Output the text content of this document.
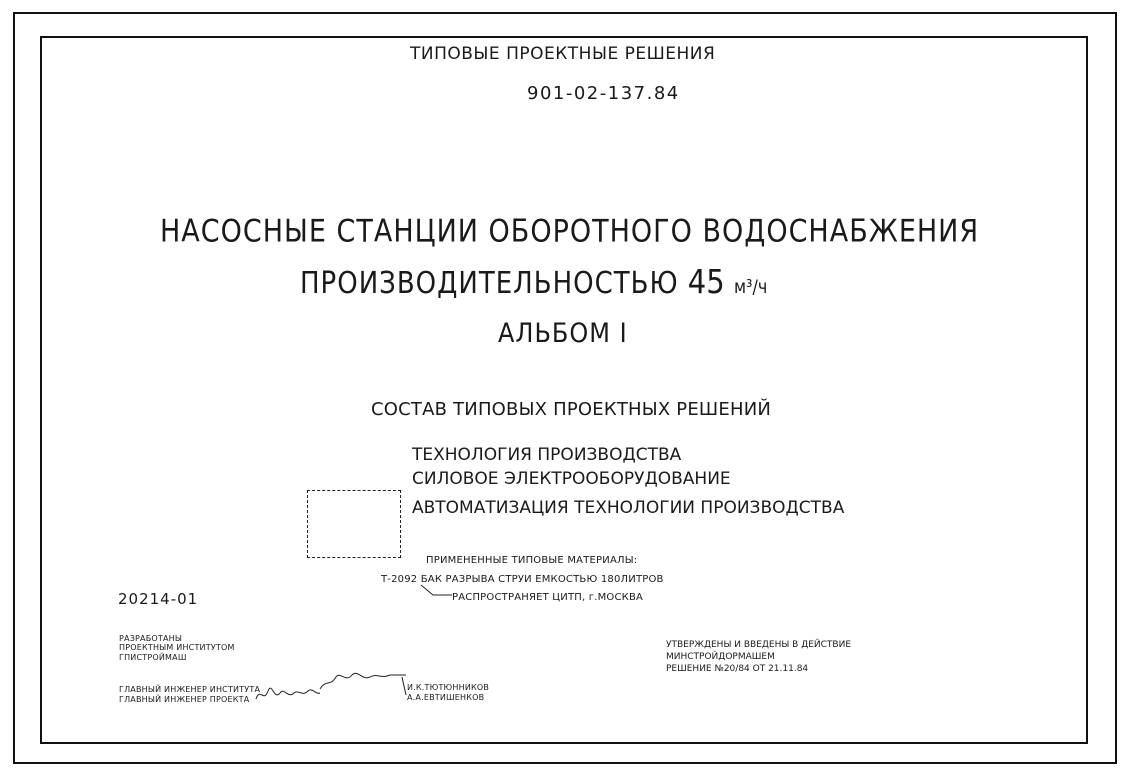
ТИПОВЫЕ ПРОЕКТНЫЕ РЕШЕНИЯ
901-02-137.84
НАСОСНЫЕ СТАНЦИИ ОБОРОТНОГО ВОДОСНАБЖЕНИЯ
ПРОИЗВОДИТЕЛЬНОСТЬЮ 45 м³/ч
АЛЬБОМ I
СОСТАВ ТИПОВЫХ ПРОЕКТНЫХ РЕШЕНИЙ
ТЕХНОЛОГИЯ ПРОИЗВОДСТВА
СИЛОВОЕ ЭЛЕКТРООБОРУДОВАНИЕ
АВТОМАТИЗАЦИЯ ТЕХНОЛОГИИ ПРОИЗВОДСТВА
ПРИМЕНЕННЫЕ ТИПОВЫЕ МАТЕРИАЛЫ:
Т-2092 БАК РАЗРЫВА СТРУИ ЕМКОСТЬЮ 180ЛИТРОВ
РАСПРОСТРАНЯЕТ ЦИТП, г.МОСКВА
20214-01
РАЗРАБОТАНЫ
ПРОЕКТНЫМ ИНСТИТУТОМ
ГПИСТРОЙМАШ
ГЛАВНЫЙ ИНЖЕНЕР ИНСТИТУТА
ГЛАВНЫЙ ИНЖЕНЕР ПРОЕКТА
И.К.ТЮТЮННИКОВ
А.А.ЕВТИШЕНКОВ
УТВЕРЖДЕНЫ И ВВЕДЕНЫ В ДЕЙСТВИЕ
МИНСТРОЙДОРМАШЕМ
РЕШЕНИЕ №20/84 ОТ 21.11.84
